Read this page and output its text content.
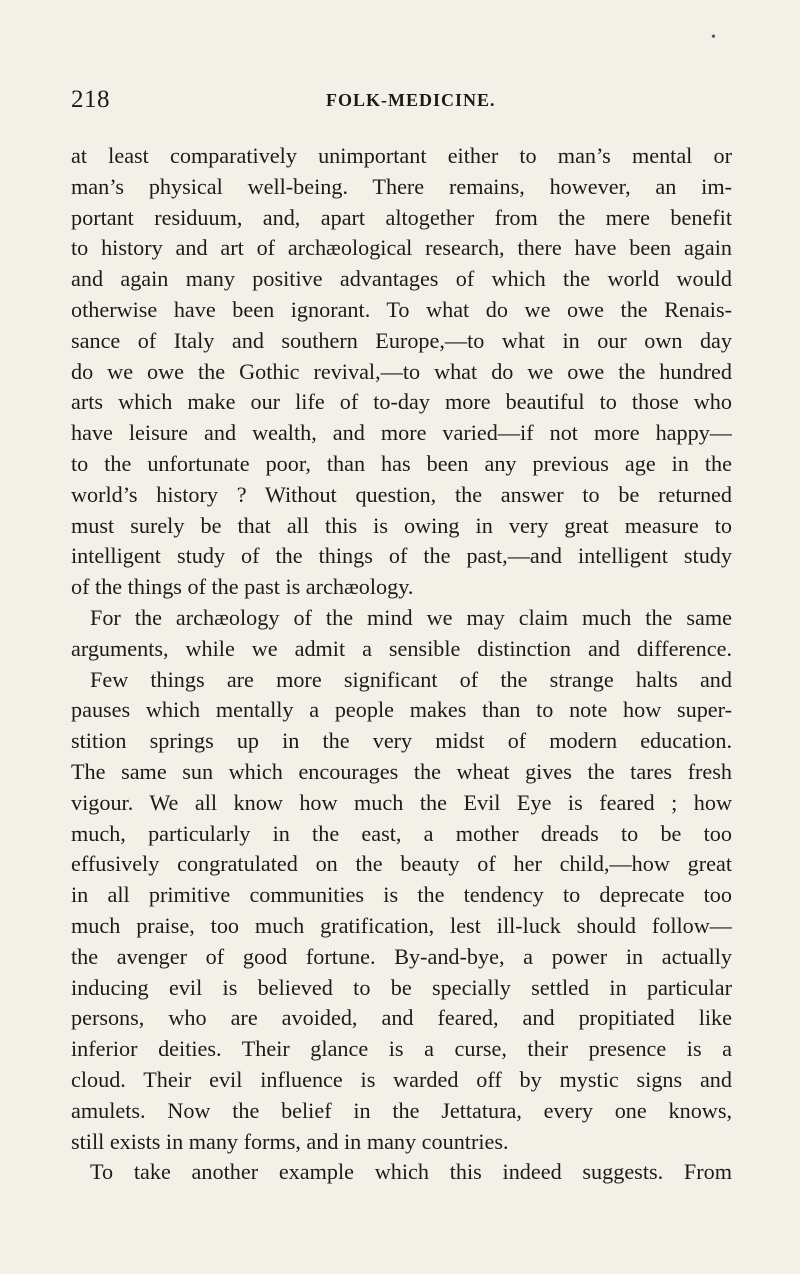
•
218	FOLK-MEDICINE.
at least comparatively unimportant either to man’s mental or
man’s physical well-being. There remains, however, an im-
portant residuum, and, apart altogether from the mere benefit
to history and art of archæological research, there have been again
and again many positive advantages of which the world would
otherwise have been ignorant. To what do we owe the Renais-
sance of Italy and southern Europe,—to what in our own day
do we owe the Gothic revival,—to what do we owe the hundred
arts which make our life of to-day more beautiful to those who
have leisure and wealth, and more varied—if not more happy—
to the unfortunate poor, than has been any previous age in the
world’s history ? Without question, the answer to be returned
must surely be that all this is owing in very great measure to
intelligent study of the things of the past,—and intelligent study
of the things of the past is archæology.
For the archæology of the mind we may claim much the same
arguments, while we admit a sensible distinction and difference.
Few things are more significant of the strange halts and
pauses which mentally a people makes than to note how super-
stition springs up in the very midst of modern education.
The same sun which encourages the wheat gives the tares fresh
vigour. We all know how much the Evil Eye is feared ; how
much, particularly in the east, a mother dreads to be too
effusively congratulated on the beauty of her child,—how great
in all primitive communities is the tendency to deprecate too
much praise, too much gratification, lest ill-luck should follow—
the avenger of good fortune. By-and-bye, a power in actually
inducing evil is believed to be specially settled in particular
persons, who are avoided, and feared, and propitiated like
inferior deities. Their glance is a curse, their presence is a
cloud. Their evil influence is warded off by mystic signs and
amulets. Now the belief in the Jettatura, every one knows,
still exists in many forms, and in many countries.
To take another example which this indeed suggests. From
